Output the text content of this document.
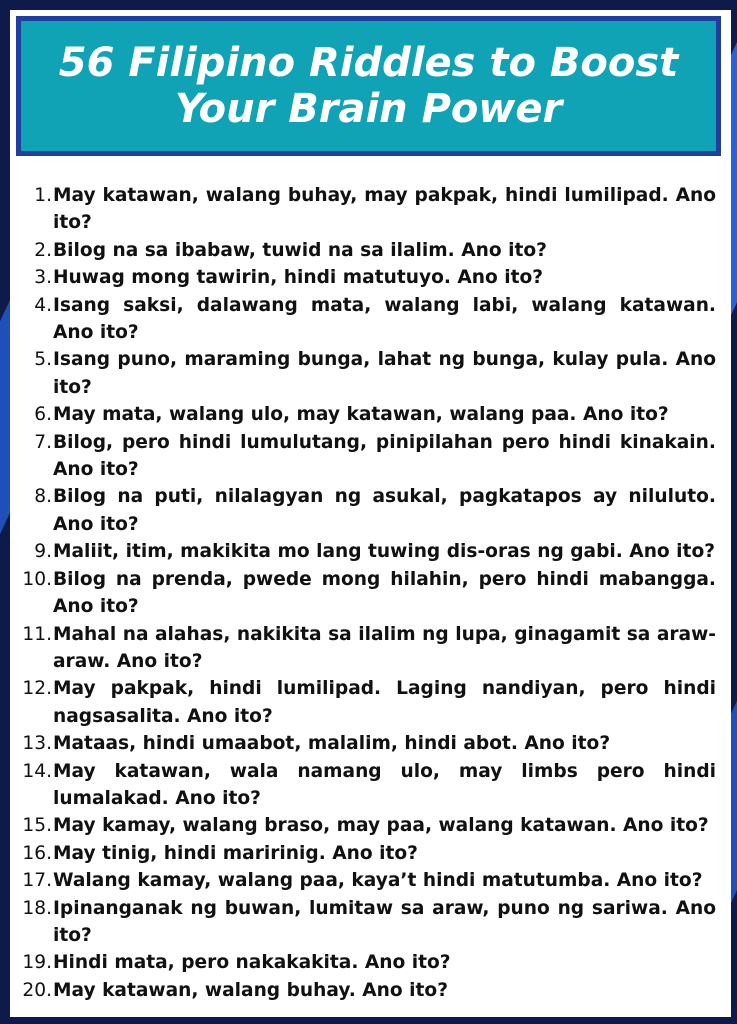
56 Filipino Riddles to Boost Your Brain Power
1. May katawan, walang buhay, may pakpak, hindi lumilipad. Ano ito?
2. Bilog na sa ibabaw, tuwid na sa ilalim. Ano ito?
3. Huwag mong tawirin, hindi matutuyo. Ano ito?
4. Isang saksi, dalawang mata, walang labi, walang katawan. Ano ito?
5. Isang puno, maraming bunga, lahat ng bunga, kulay pula. Ano ito?
6. May mata, walang ulo, may katawan, walang paa. Ano ito?
7. Bilog, pero hindi lumulutang, pinipilahan pero hindi kinakain. Ano ito?
8. Bilog na puti, nilalagyan ng asukal, pagkatapos ay niluluto. Ano ito?
9. Maliit, itim, makikita mo lang tuwing dis-oras ng gabi. Ano ito?
10. Bilog na prenda, pwede mong hilahin, pero hindi mabangga. Ano ito?
11. Mahal na alahas, nakikita sa ilalim ng lupa, ginagamit sa araw-araw. Ano ito?
12. May pakpak, hindi lumilipad. Laging nandiyan, pero hindi nagsasalita. Ano ito?
13. Mataas, hindi umaabot, malalim, hindi abot. Ano ito?
14. May katawan, wala namang ulo, may limbs pero hindi lumalakad. Ano ito?
15. May kamay, walang braso, may paa, walang katawan. Ano ito?
16. May tinig, hindi maririnig. Ano ito?
17. Walang kamay, walang paa, kaya’t hindi matutumba. Ano ito?
18. Ipinanganak ng buwan, lumitaw sa araw, puno ng sariwa. Ano ito?
19. Hindi mata, pero nakakakita. Ano ito?
20. May katawan, walang buhay. Ano ito?
